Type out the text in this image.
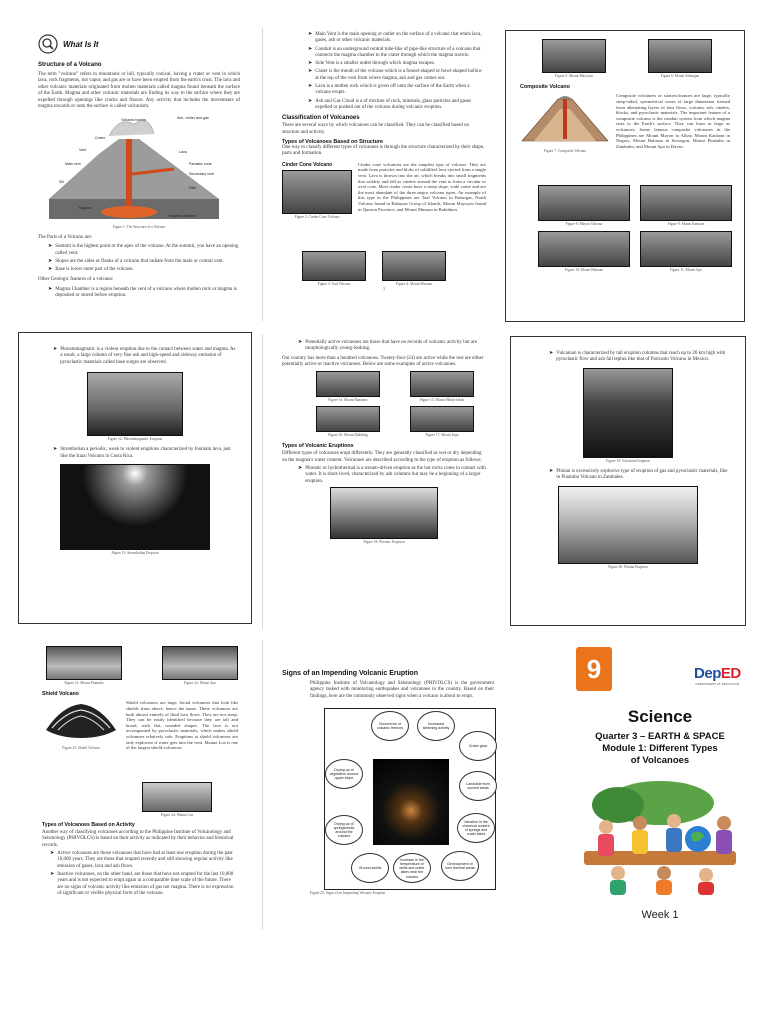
What Is It
Structure of a Volcano
The term "volcano" refers to mountains or hill, typically conical, having a crater or vent in which lava, rock fragments, hot vapor, and gas are or have been erupted from the earth's crust. The lava and other volcanic materials originated from molten materials called magma found beneath the surface of the Earth. Magma and other volcanic materials are finding its way to the surface where they are expelled through openings like cracks and fissure. Any activity that includes the movements of magma towards or onto the surface is called volcanism.
Volcanic bombs	Ash, cinder and gas
Crater
Vent
Main vent
Lava
Parasitic cone
Secondary vent
Sill
Magma
Dike
Magma chamber
Figure 1: The Structure of a Volcano
The Parts of a Volcano are:
➤ Summit is the highest point or the apex of the volcano. At the summit, you have an opening called vent.
➤ Slopes are the sides or flanks of a volcano that radiate from the main or central vent.
➤ Base is lower outer part of the volcano.
Other Geologic features of a volcano:
➤ Magma Chamber is a region beneath the vent of a volcano where molten rock or magma is deposited or stored before eruption.
➤ Main Vent is the main opening or outlet on the surface of a volcano that emits lava, gases, ash or other volcanic materials.
➤ Conduit is an underground central tube-like of pipe-like structure of a volcano that connects the magma chamber to the crater through which the magma travels.
➤ Side Vent is a smaller outlet through which magma escapes.
➤ Crater is the mouth of the volcano which is a funnel-shaped or bowl-shaped hollow at the top of the vent from where magma, ash and gas comes out.
➤ Lava is a molten rock which is given off onto the surface of the Earth when a volcano erupts.
➤ Ash and Gas Cloud is a of mixture of rock, minerals, glass particles and gases expelled or pushed out of the volcano during volcanic eruption.
Classification of Volcanoes
There are several ways by which volcanoes can be classified. They can be classified based on structure and activity.
Types of Volcanoes Based on Structure
One way to classify different types of volcanoes is through the structure characterized by their shape, parts and formation.
Cinder Cone Volcano
Figure 2: Cinder Cone Volcano
Cinder cone volcanoes are the simplest type of volcano. They are made from particles and blobs of solidified lava ejected from a single vent. Lava is thrown into the air, which breaks into small fragments that solidify and fall as cinders around the vent to form a circular or oval cone. Most cinder cones have a steep slope, wide crater and are the most abundant of the three major volcano types. An example of this type in the Philippines are Taal Volcano in Batangas, North Volcano found in Babuyan Group of Islands, Mount Mayoyao found in Quezon Province, and Mount Musuan in Bukidnon.
Figure 3: Taal Volcano	Figure 4: Mount Musuan
3
Figure 5: Mount Mayoyao	Figure 6: Mount Sabangan
Composite Volcano
Figure 7: Composite Volcano
Composite volcanoes or stratovolcanoes are large, typically steep-sided, symmetrical cones of large dimension formed from alternating layers of lava flows, volcanic ash, cinders, blocks, and pyroclastic materials. The important feature of a composite volcano is the conduit system from which magma rises to the Earth's surface. They can form as large as volcanoes. Some famous composite volcanoes in the Philippines are Mount Mayon in Albay, Mount Kanlaon in Negros, Mount Bulusan in Sorsogon, Mount Pinatubo in Zambales, and Mount Apo in Davao.
Figure 8: Mayon Volcano	Figure 9: Mount Kanlaon
Figure 10: Mount Bulusan	Figure 11: Mount Apo
➤ Phreatomagmatic is a violent eruption due to the contact between water and magma. As a result, a large column of very fine ash and high-speed and sideway emission of pyroclastic materials called base surges are observed.
Figure 12: Phreatomagmatic Eruption
➤ Strombolian a periodic, weak to violent eruptions characterized by fountain lava, just like the Irazu Volcano in Costa Rica.
Figure 13: Strombolian Eruption
➤ Potentially active volcanoes are those that have no records of volcanic activity but are morphologically young-looking.
Our country has more than a hundred volcanoes. Twenty-four (24) are active while the rest are either potentially active or inactive volcanoes. Below are some examples of active volcanoes.
Figure 14: Mount Banahaw	Figure 15: Mount Hibok-hibok
Figure 16: Mount Makiling	Figure 17: Mount Iriga
Types of Volcanic Eruptions
Different types of volcanoes erupt differently. They are generally classified as wet or dry depending on the magma's water content. Volcanoes are described according to the type of eruption as follows:
➤ Phreatic or hydrothermal is a stream-driven eruption as the hot rocks come in contact with water. It is short-lived, characterized by ash columns but may be a beginning of a larger eruption.
Figure 18: Phreatic Eruption
➤ Vulcanian is characterized by tall eruption columns that reach up to 20 km high with pyroclastic flow and ash fall tephra like that of Paricutin Volcano in Mexico.
Figure 19: Vulcanian Eruption
➤ Plinian is excessively explosive type of eruption of gas and pyroclastic materials, like in Pinatubo Volcano in Zambales.
Figure 20: Plinian Eruption
Figure 21: Mount Pinatubo	Figure 22: Mount Apo
Shield Volcano
Figure 23: Shield Volcano
Shield volcanoes are large, broad volcanoes that look like shields from above, hence the name. These volcanoes are built almost entirely of fluid lava flows. They are not steep. They can be easily identified because they are tall and broad, with flat, rounded shapes. The lava is not accompanied by pyroclastic materials, which makes shield volcanoes relatively safe. Eruptions at shield volcanoes are only explosive if water gets into the vent. Mauna Loa is one of the largest shield volcanoes.
Figure 24: Mauna Loa
Types of Volcanoes Based on Activity
Another way of classifying volcanoes according to the Philippine Institute of Volcanology and Seismology (PHIVOLCS) is based on their activity as indicated by their behavior and historical records.
➤ Active volcanoes are those volcanoes that have had at least one eruption during the past 10,000 years. They are those that erupted recently and still showing regular activity like emission of gases, lava and ash flows.
➤ Inactive volcanoes, on the other hand, are those that have not erupted for the last 10,000 years and is not expected to erupt again in a comparable time scale of the future. There are no signs of volcanic activity like emission of gas nor magma. There is no expression of significant or visible physical form of the volcano.
Signs of an Impending Volcanic Eruption
Philippine Institute of Volcanology and Seismology (PHIVOLCS) is the government agency tasked with monitoring earthquakes and volcanoes in the country. Based on their findings, here are the commonly observed signs when a volcano is about to erupt.
Occurrence of volcanic tremors
Increased steaming activity
Crater glow
Landslide from summit areas
Variation in the chemical content of springs and crater lakes
Development of new thermal areas
Increase in the temperature of wells and crater lakes near the volcano
Ground swells
Drying up of springs/wells around the volcano
Drying up of vegetation around upper slope
Figure 25: Signs of an Impending Volcanic Eruption
9	DepED
DEPARTMENT OF EDUCATION
Science
Quarter 3 – EARTH & SPACE
Module 1: Different Types
of Volcanoes
Week 1
